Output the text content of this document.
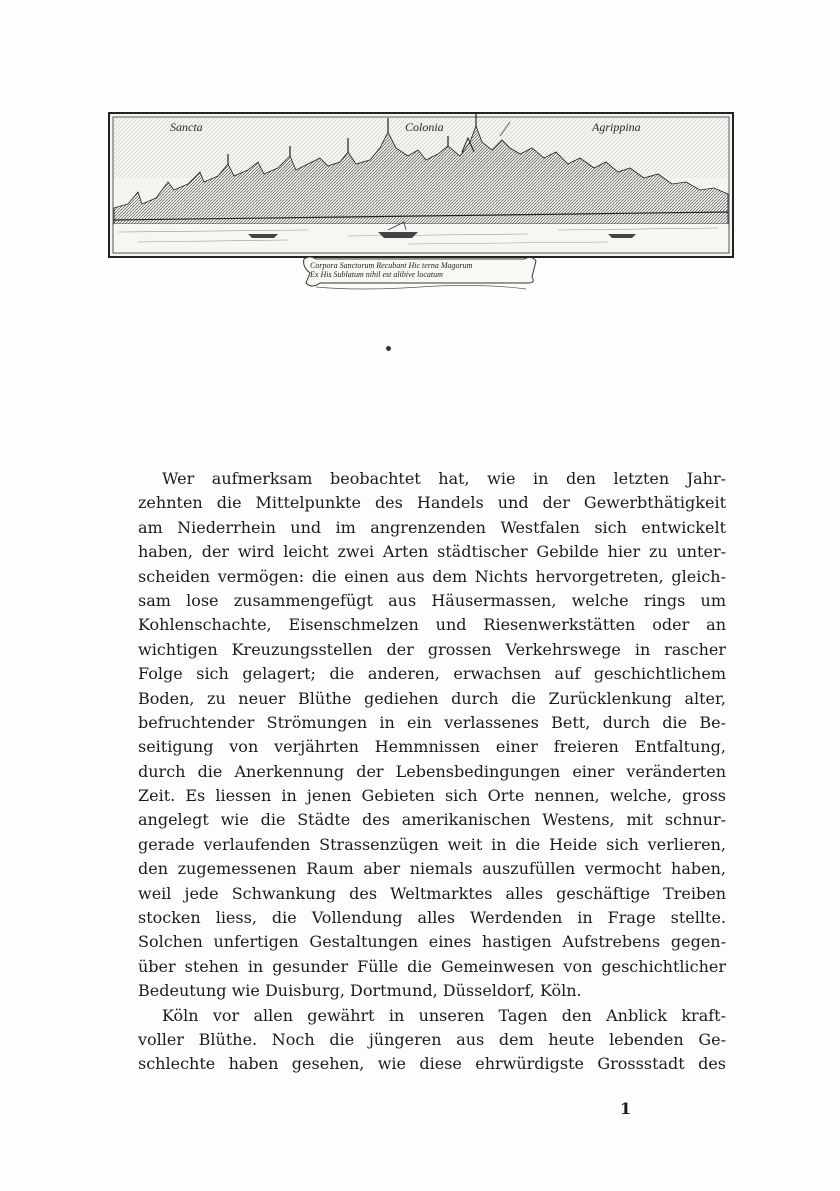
Sancta	Colonia	Agrippina
Corpora Sanctorum Recubant Hic terna Magorum
Ex His Sublatum nihil est alibive locatum
Wer aufmerksam beobachtet hat, wie in den letzten Jahr-
zehnten die Mittelpunkte des Handels und der Gewerbthätigkeit
am Niederrhein und im angrenzenden Westfalen sich entwickelt
haben, der wird leicht zwei Arten städtischer Gebilde hier zu unter-
scheiden vermögen: die einen aus dem Nichts hervorgetreten, gleich-
sam lose zusammengefügt aus Häusermassen, welche rings um
Kohlenschachte, Eisenschmelzen und Riesenwerkstätten oder an
wichtigen Kreuzungsstellen der grossen Verkehrswege in rascher
Folge sich gelagert; die anderen, erwachsen auf geschichtlichem
Boden, zu neuer Blüthe gediehen durch die Zurücklenkung alter,
befruchtender Strömungen in ein verlassenes Bett, durch die Be-
seitigung von verjährten Hemmnissen einer freieren Entfaltung,
durch die Anerkennung der Lebensbedingungen einer veränderten
Zeit. Es liessen in jenen Gebieten sich Orte nennen, welche, gross
angelegt wie die Städte des amerikanischen Westens, mit schnur-
gerade verlaufenden Strassenzügen weit in die Heide sich verlieren,
den zugemessenen Raum aber niemals auszufüllen vermocht haben,
weil jede Schwankung des Weltmarktes alles geschäftige Treiben
stocken liess, die Vollendung alles Werdenden in Frage stellte.
Solchen unfertigen Gestaltungen eines hastigen Aufstrebens gegen-
über stehen in gesunder Fülle die Gemeinwesen von geschichtlicher
Bedeutung wie Duisburg, Dortmund, Düsseldorf, Köln.
Köln vor allen gewährt in unseren Tagen den Anblick kraft-
voller Blüthe. Noch die jüngeren aus dem heute lebenden Ge-
schlechte haben gesehen, wie diese ehrwürdigste Grossstadt des
1
